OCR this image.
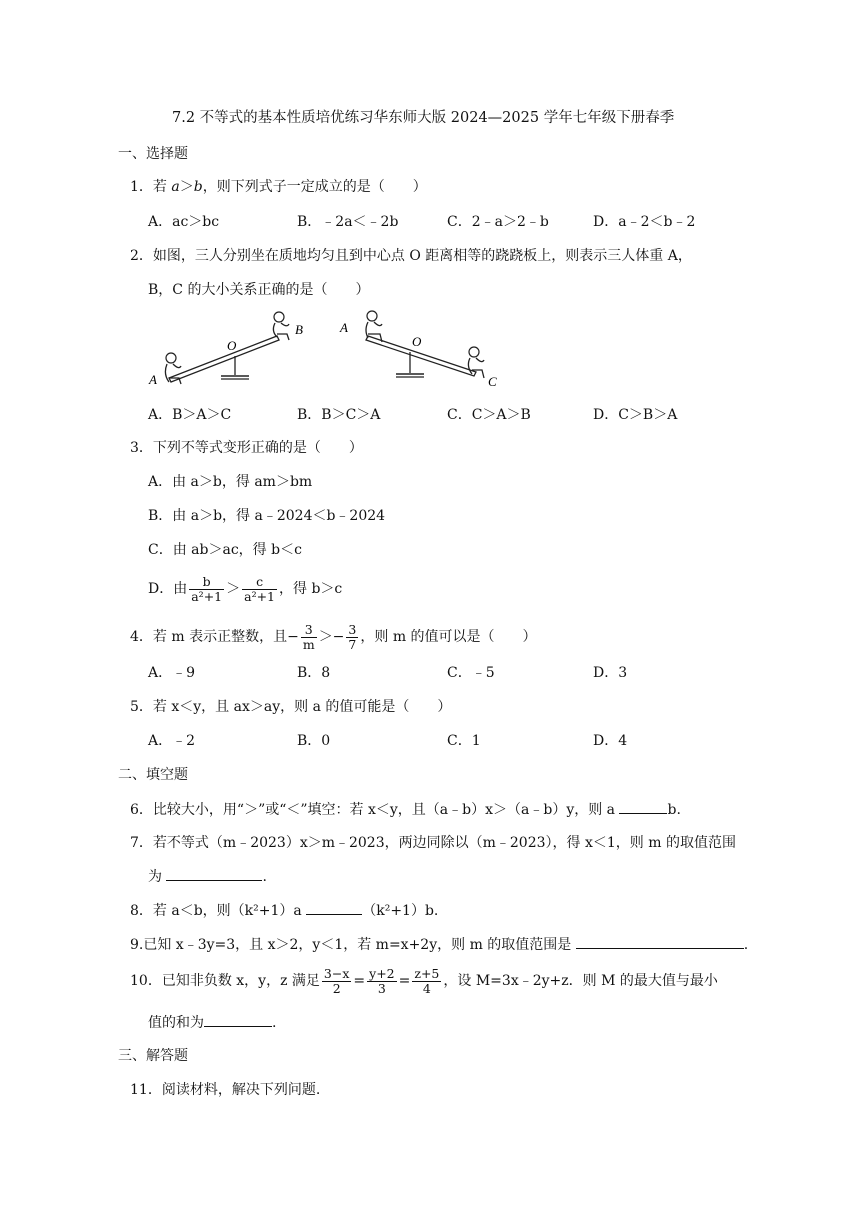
7.2 不等式的基本性质培优练习华东师大版 2024—2025 学年七年级下册春季
一、选择题
1．若 a＞b，则下列式子一定成立的是（　　）
A．ac＞bc	B．﹣2a＜﹣2b	C．2﹣a＞2﹣b	D．a﹣2＜b﹣2
2．如图，三人分别坐在质地均匀且到中心点 O 距离相等的跷跷板上，则表示三人体重 A，
B，C 的大小关系正确的是（　　）
A
O
B	A
O
C
A．B＞A＞C	B．B＞C＞A	C．C＞A＞B	D．C＞B＞A
3．下列不等式变形正确的是（　　）
A．由 a＞b，得 am＞bm
B．由 a＞b，得 a﹣2024＜b﹣2024
C．由 ab＞ac，得 b＜c
D．由 $\frac{b}{\text{a²+1}} > \frac{c}{\text{a²+1}}$ ，得 b＞c
4．若 m 表示正整数，且− $\frac{3}{m} >- \frac{3}{7}$ ，则 m 的值可以是（　　）
A．﹣9	B．8	C．﹣5	D．3
5．若 x＜y，且 ax＞ay，则 a 的值可能是（　　）
A．﹣2	B．0	C．1	D．4
二、填空题
6．比较大小，用“＞”或“＜”填空：若 x＜y，且（a﹣b）x＞（a﹣b）y，则 a	b.
7．若不等式（m﹣2023）x＞m﹣2023，两边同除以（m﹣2023），得 x＜1，则 m 的取值范围
为	.
8．若 a＜b，则（k²+1）a	（k²+1）b.
9.已知 x﹣3y=3，且 x＞2，y＜1，若 m=x+2y，则 m 的取值范围是	.
10．已知非负数 x，y，z 满足 $\frac{3-x}{2} = \frac{y+2}{3} = \frac{z+5}{4}$ ，设 M=3x﹣2y+z．则 M 的最大值与最小
值的和为	.
三、解答题
11．阅读材料，解决下列问题.
